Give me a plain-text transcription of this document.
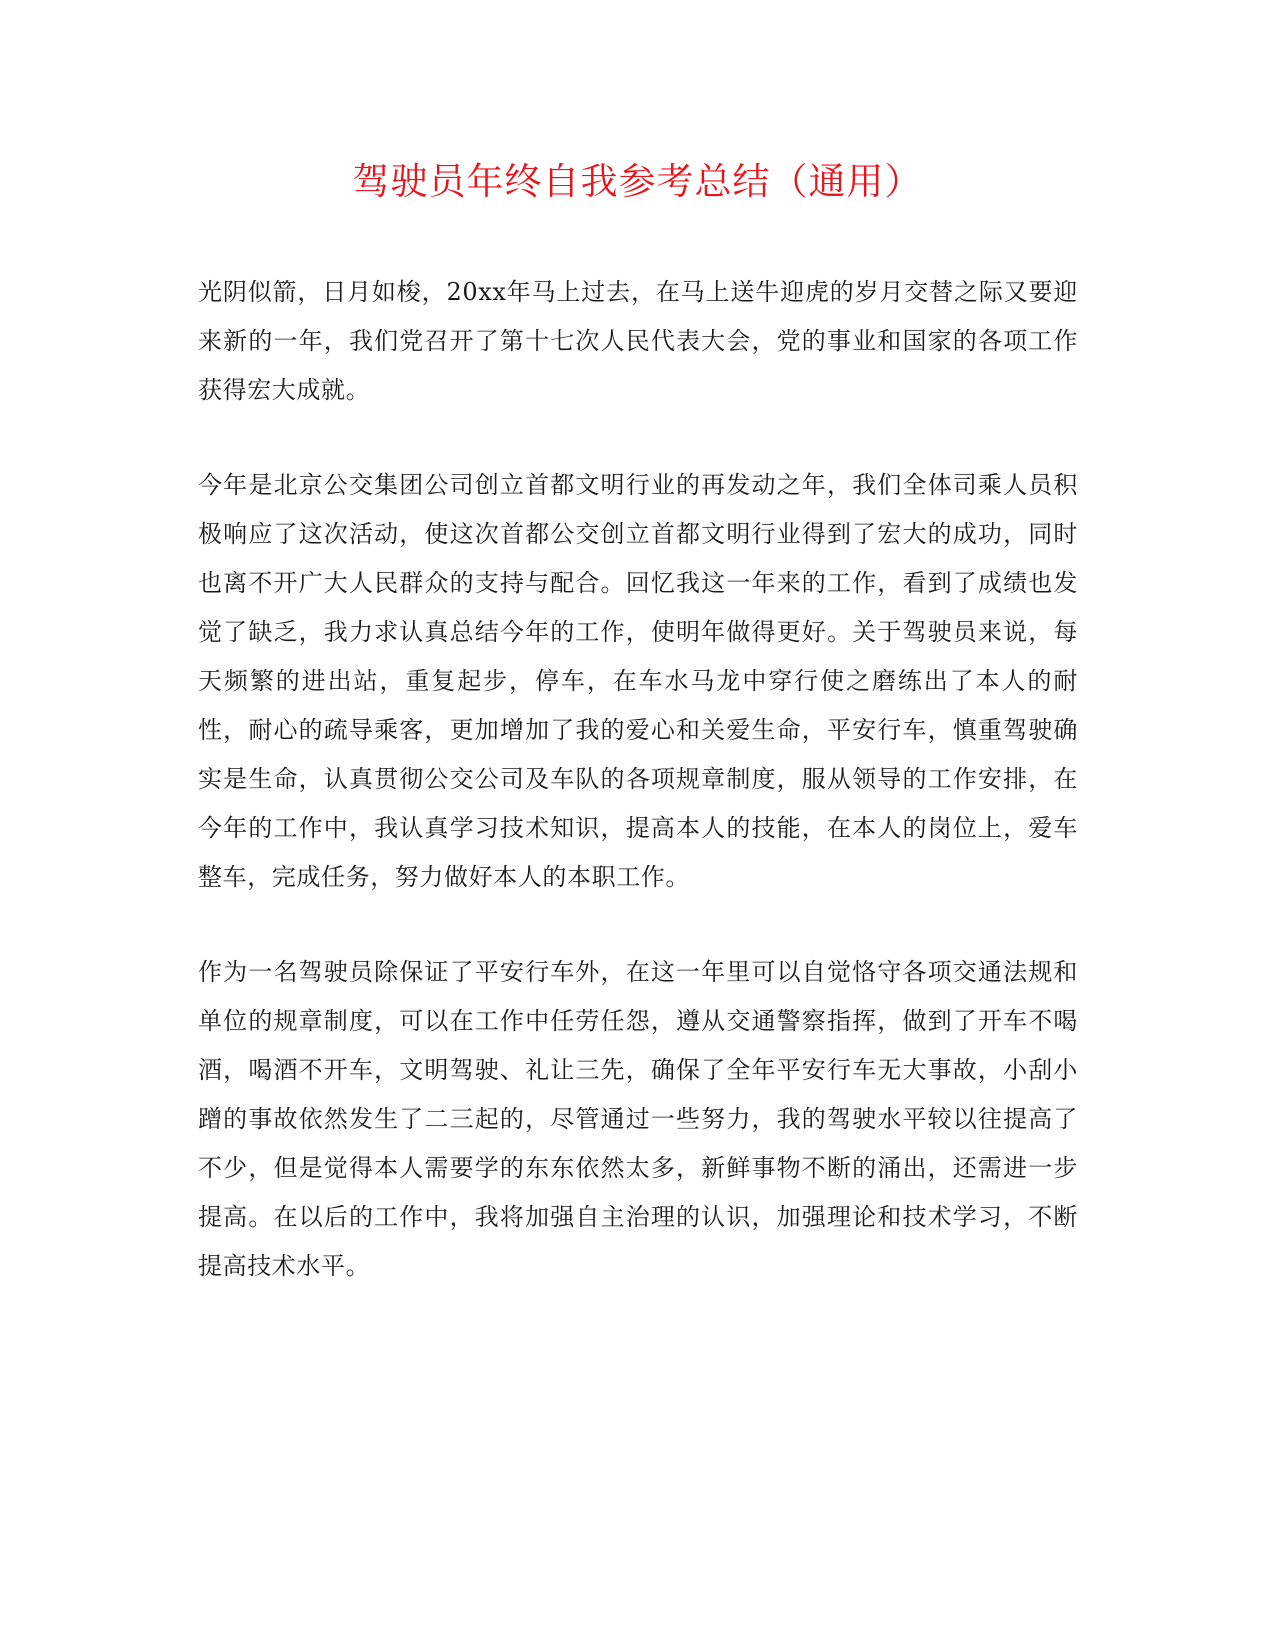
驾驶员年终自我参考总结（通用）

光阴似箭，日月如梭，20xx年马上过去，在马上送牛迎虎的岁月交替之际又要迎来新的一年，我们党召开了第十七次人民代表大会，党的事业和国家的各项工作获得宏大成就。

今年是北京公交集团公司创立首都文明行业的再发动之年，我们全体司乘人员积极响应了这次活动，使这次首都公交创立首都文明行业得到了宏大的成功，同时也离不开广大人民群众的支持与配合。回忆我这一年来的工作，看到了成绩也发觉了缺乏，我力求认真总结今年的工作，使明年做得更好。关于驾驶员来说，每天频繁的进出站，重复起步，停车，在车水马龙中穿行使之磨练出了本人的耐性，耐心的疏导乘客，更加增加了我的爱心和关爱生命，平安行车，慎重驾驶确实是生命，认真贯彻公交公司及车队的各项规章制度，服从领导的工作安排，在今年的工作中，我认真学习技术知识，提高本人的技能，在本人的岗位上，爱车整车，完成任务，努力做好本人的本职工作。

作为一名驾驶员除保证了平安行车外，在这一年里可以自觉恪守各项交通法规和单位的规章制度，可以在工作中任劳任怨，遵从交通警察指挥，做到了开车不喝酒，喝酒不开车，文明驾驶、礼让三先，确保了全年平安行车无大事故，小刮小蹭的事故依然发生了二三起的，尽管通过一些努力，我的驾驶水平较以往提高了不少，但是觉得本人需要学的东东依然太多，新鲜事物不断的涌出，还需进一步提高。在以后的工作中，我将加强自主治理的认识，加强理论和技术学习，不断提高技术水平。
